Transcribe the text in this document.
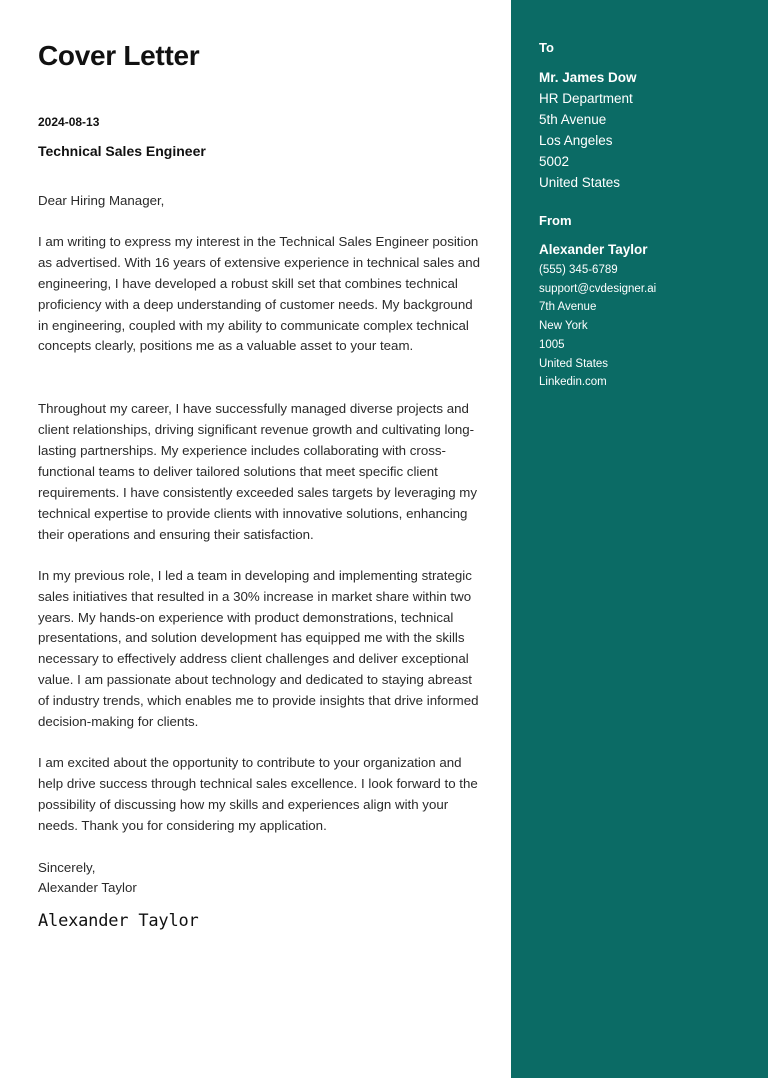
Cover Letter
2024-08-13
Technical Sales Engineer

Dear Hiring Manager,

I am writing to express my interest in the Technical Sales Engineer position as advertised. With 16 years of extensive experience in technical sales and engineering, I have developed a robust skill set that combines technical proficiency with a deep understanding of customer needs. My background in engineering, coupled with my ability to communicate complex technical concepts clearly, positions me as a valuable asset to your team.

Throughout my career, I have successfully managed diverse projects and client relationships, driving significant revenue growth and cultivating long-lasting partnerships. My experience includes collaborating with cross-functional teams to deliver tailored solutions that meet specific client requirements. I have consistently exceeded sales targets by leveraging my technical expertise to provide clients with innovative solutions, enhancing their operations and ensuring their satisfaction.

In my previous role, I led a team in developing and implementing strategic sales initiatives that resulted in a 30% increase in market share within two years. My hands-on experience with product demonstrations, technical presentations, and solution development has equipped me with the skills necessary to effectively address client challenges and deliver exceptional value. I am passionate about technology and dedicated to staying abreast of industry trends, which enables me to provide insights that drive informed decision-making for clients.

I am excited about the opportunity to contribute to your organization and help drive success through technical sales excellence. I look forward to the possibility of discussing how my skills and experiences align with your needs. Thank you for considering my application.

Sincerely,

Alexander Taylor

Alexander Taylor
To
Mr. James Dow
HR Department
5th Avenue
Los Angeles
5002
United States
From
Alexander Taylor
(555) 345-6789
support@cvdesigner.ai
7th Avenue
New York
1005
United States
Linkedin.com
